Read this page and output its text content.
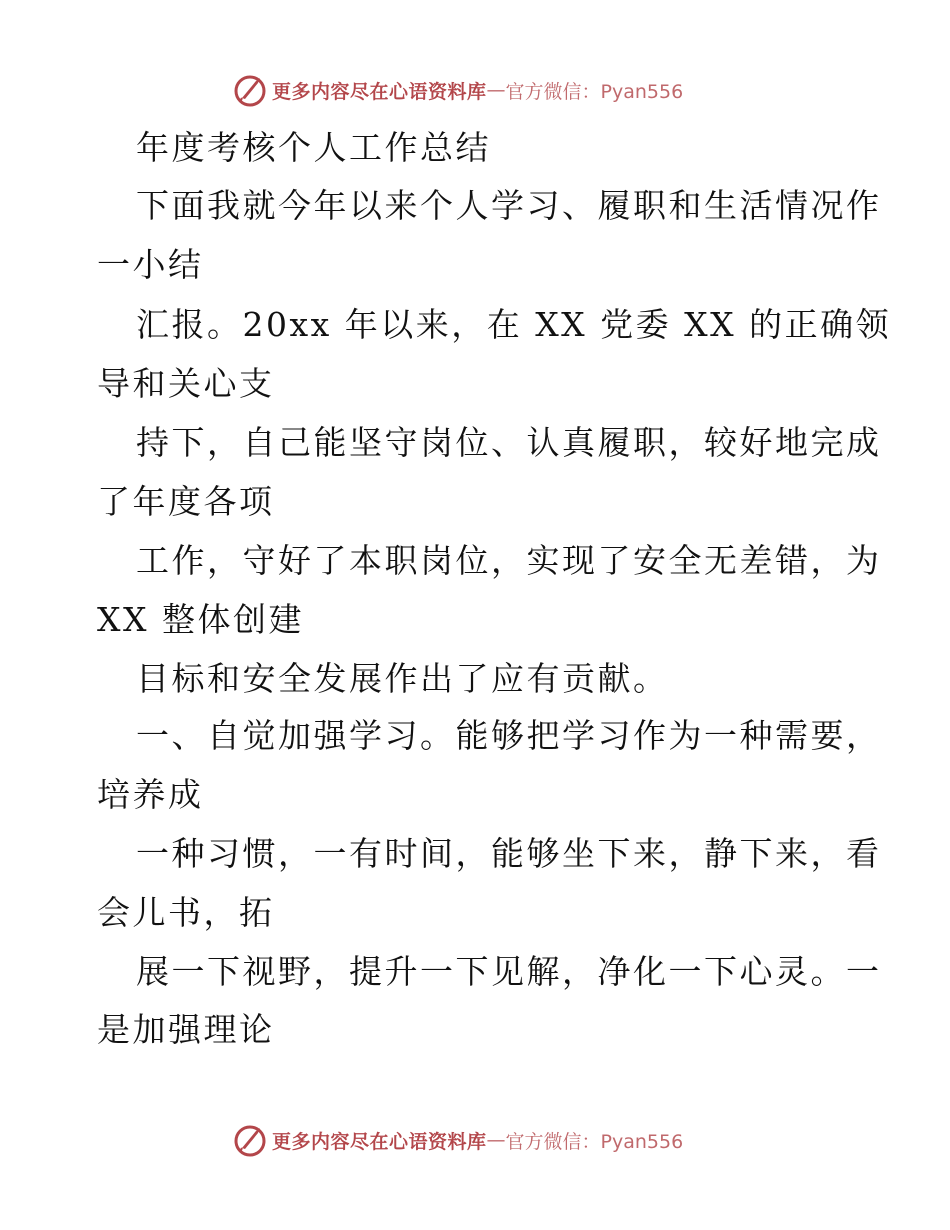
更多内容尽在心语资料库 — 官方微信：Pyan556
年度考核个人工作总结
下面我就今年以来个人学习、履职和生活情况作
一小结
汇报。20xx 年以来，在 XX 党委 XX 的正确领
导和关心支
持下，自己能坚守岗位、认真履职，较好地完成
了年度各项
工作，守好了本职岗位，实现了安全无差错，为
XX 整体创建
目标和安全发展作出了应有贡献。
一、自觉加强学习。能够把学习作为一种需要，
培养成
一种习惯，一有时间，能够坐下来，静下来，看
会儿书，拓
展一下视野，提升一下见解，净化一下心灵。一
是加强理论
更多内容尽在心语资料库 — 官方微信：Pyan556
